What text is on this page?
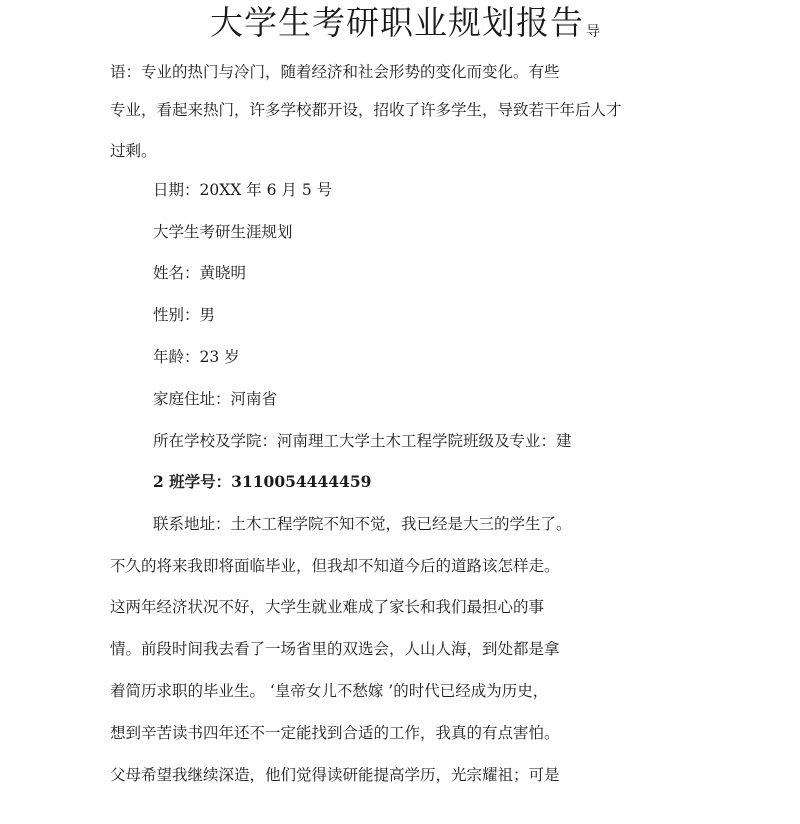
大学生考研职业规划报告 导
语：专业的热门与冷门，随着经济和社会形势的变化而变化。有些
专业，看起来热门，许多学校都开设，招收了许多学生，导致若干年后人才
过剩。
日期：20XX 年 6 月 5 号
大学生考研生涯规划
姓名：黄晓明
性别：男
年龄：23 岁
家庭住址：河南省
所在学校及学院：河南理工大学土木工程学院班级及专业：建
2 班学号：3110054444459
联系地址：土木工程学院不知不觉，我已经是大三的学生了。
不久的将来我即将面临毕业，但我却不知道今后的道路该怎样走。
这两年经济状况不好，大学生就业难成了家长和我们最担心的事
情。前段时间我去看了一场省里的双选会，人山人海，到处都是拿
着简历求职的毕业生。 ‘皇帝女儿不愁嫁 ’的时代已经成为历史，
想到辛苦读书四年还不一定能找到合适的工作，我真的有点害怕。
父母希望我继续深造，他们觉得读研能提高学历，光宗耀祖；可是
